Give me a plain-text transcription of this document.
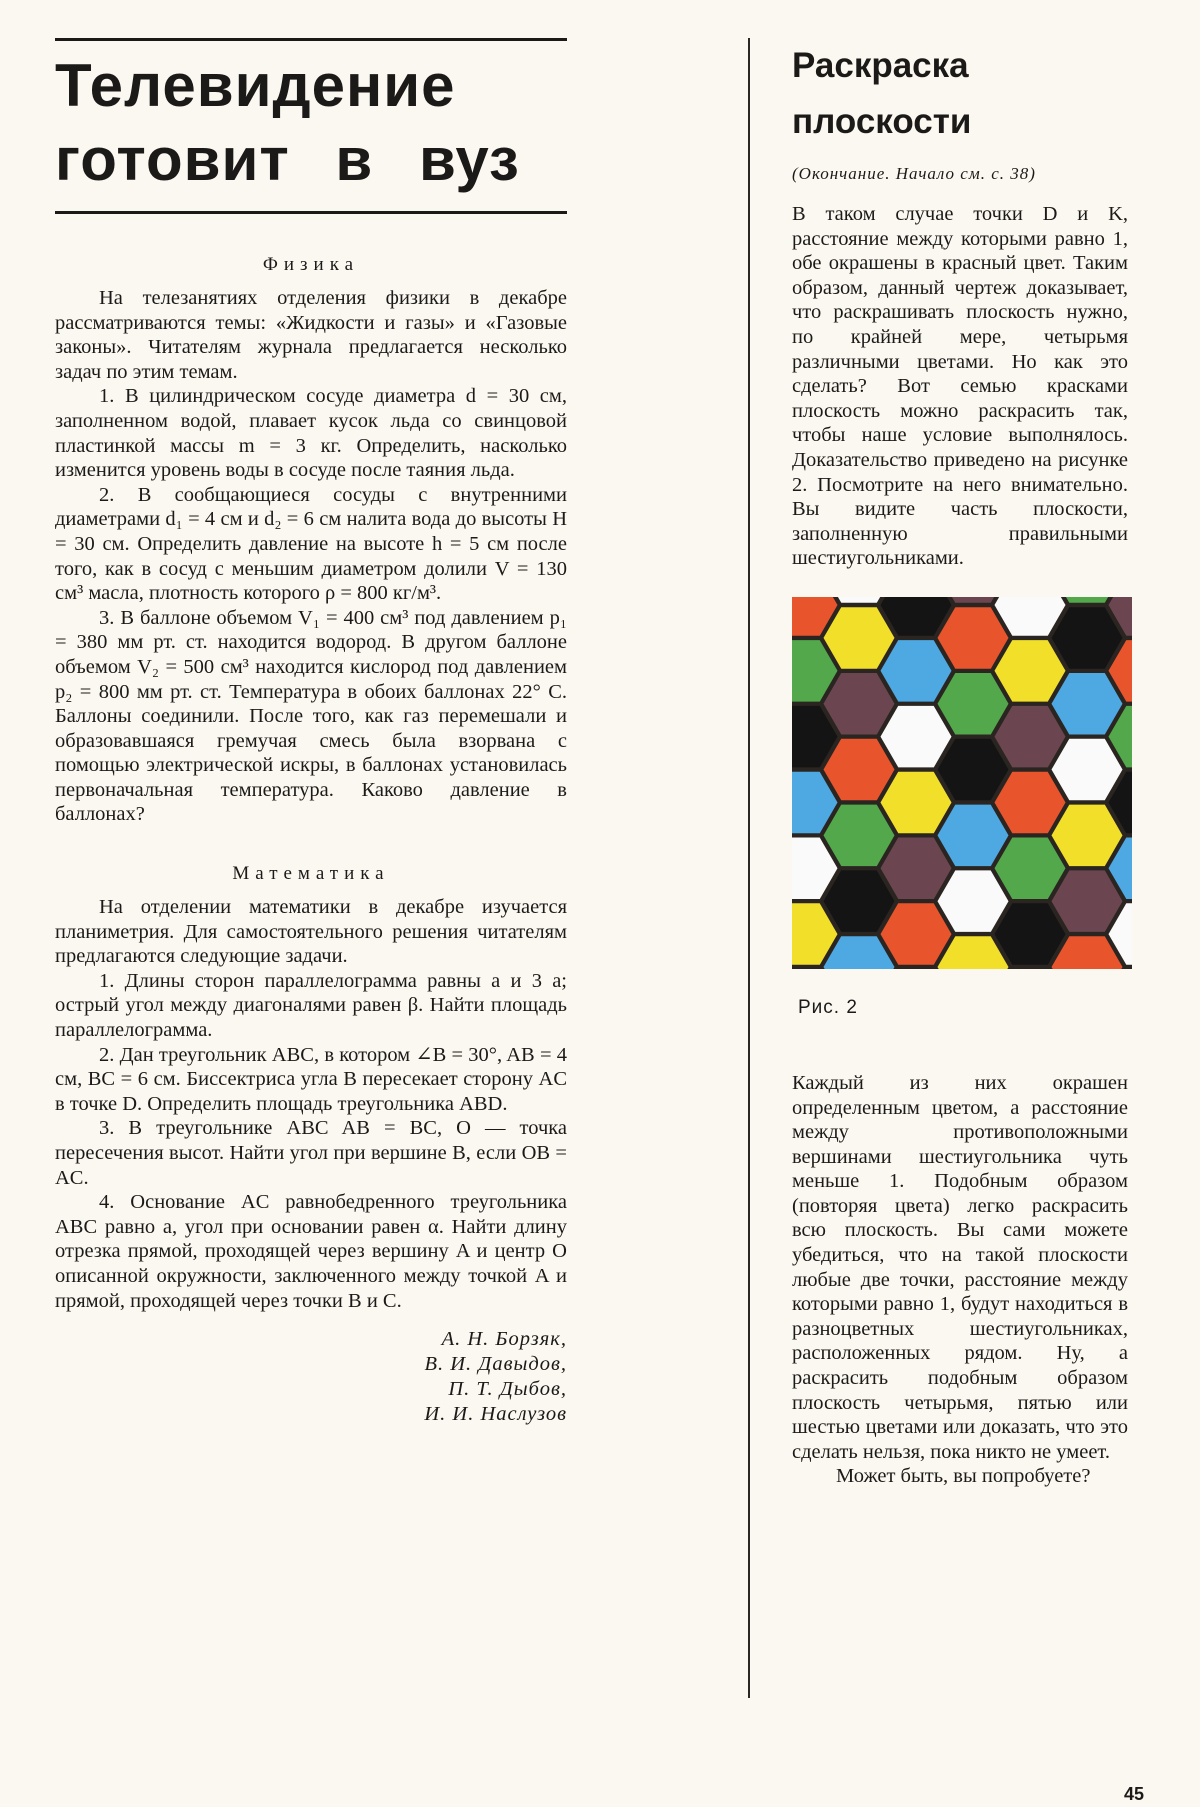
Телевидение
готовит в вуз
Физика

На телезанятиях отделения физики в декабре рассматриваются темы: «Жидкости и газы» и «Газовые законы». Читателям журнала предлагается несколько задач по этим темам.

1. В цилиндрическом сосуде диаметра d = 30 см, заполненном водой, плавает кусок льда со свинцовой пластинкой массы m = 3 кг. Определить, насколько изменится уровень воды в сосуде после таяния льда.

2. В сообщающиеся сосуды с внутренними диаметрами d₁ = 4 см и d₂ = 6 см налита вода до высоты H = 30 см. Определить давление на высоте h = 5 см после того, как в сосуд с меньшим диаметром долили V = 130 см³ масла, плотность которого ρ = 800 кг/м³.

3. В баллоне объемом V₁ = 400 см³ под давлением p₁ = 380 мм рт. ст. находится водород. В другом баллоне объемом V₂ = 500 см³ находится кислород под давлением p₂ = 800 мм рт. ст. Температура в обоих баллонах 22° С. Баллоны соединили. После того, как газ перемешали и образовавшаяся гремучая смесь была взорвана с помощью электрической искры, в баллонах установилась первоначальная температура. Каково давление в баллонах?

Математика

На отделении математики в декабре изучается планиметрия. Для самостоятельного решения читателям предлагаются следующие задачи.

1. Длины сторон параллелограмма равны a и 3 a; острый угол между диагоналями равен β. Найти площадь параллелограмма.

2. Дан треугольник ABC, в котором ∠B = 30°, AB = 4 см, BC = 6 см. Биссектриса угла B пересекает сторону AC в точке D. Определить площадь треугольника ABD.

3. В треугольнике ABC AB = BC, O — точка пересечения высот. Найти угол при вершине B, если OB = AC.

4. Основание AC равнобедренного треугольника ABC равно a, угол при основании равен α. Найти длину отрезка прямой, проходящей через вершину A и центр O описанной окружности, заключенного между точкой A и прямой, проходящей через точки B и C.

А. Н. Борзяк,
В. И. Давыдов,
П. Т. Дыбов,
И. И. Наслузов
Раскраска
плоскости
(Окончание. Начало см. с. 38)

В таком случае точки D и K, расстояние между которыми равно 1, обе окрашены в красный цвет. Таким образом, данный чертеж доказывает, что раскрашивать плоскость нужно, по крайней мере, четырьмя различными цветами. Но как это сделать? Вот семью красками плоскость можно раскрасить так, чтобы наше условие выполнялось. Доказательство приведено на рисунке 2. Посмотрите на него внимательно. Вы видите часть плоскости, заполненную правильными шестиугольниками.

Рис. 2

Каждый из них окрашен определенным цветом, а расстояние между противоположными вершинами шестиугольника чуть меньше 1. Подобным образом (повторяя цвета) легко раскрасить всю плоскость. Вы сами можете убедиться, что на такой плоскости любые две точки, расстояние между которыми равно 1, будут находиться в разноцветных шестиугольниках, расположенных рядом. Ну, а раскрасить подобным образом плоскость четырьмя, пятью или шестью цветами или доказать, что это сделать нельзя, пока никто не умеет.

Может быть, вы попробуете?

45
